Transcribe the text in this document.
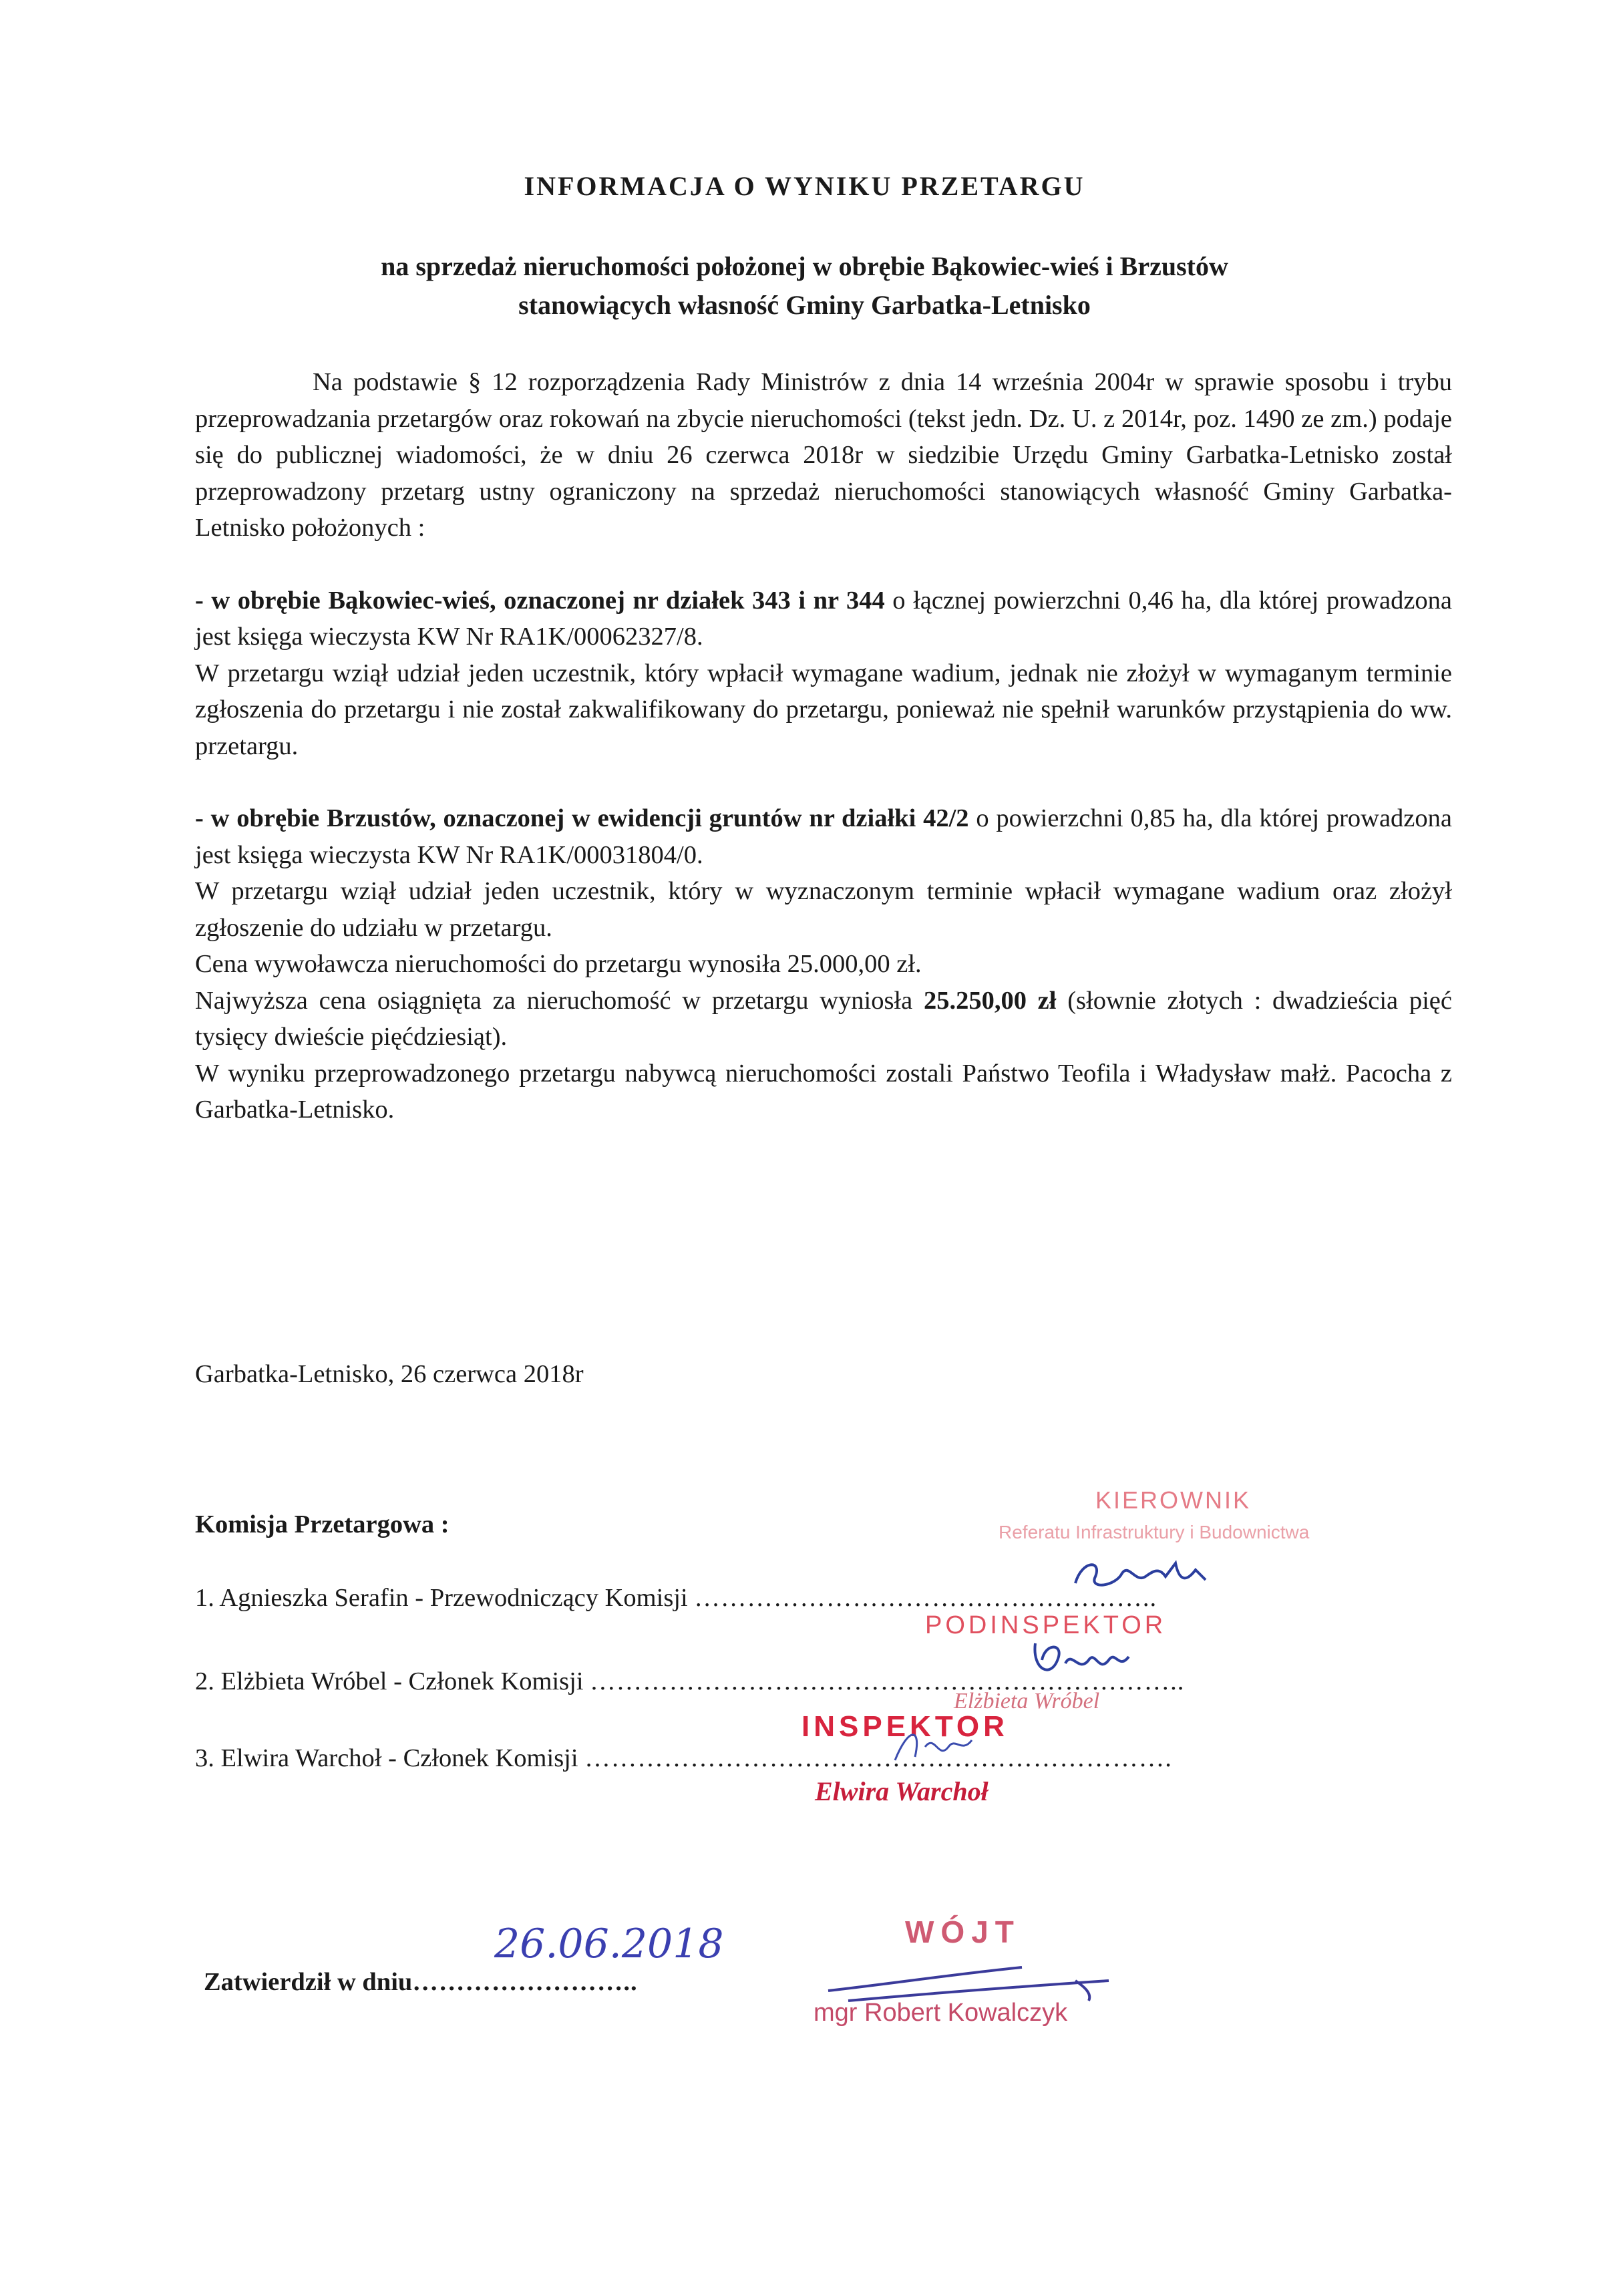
INFORMACJA O WYNIKU PRZETARGU
na sprzedaż nieruchomości położonej w obrębie Bąkowiec-wieś i Brzustów
stanowiących własność Gminy Garbatka-Letnisko

Na podstawie § 12 rozporządzenia Rady Ministrów z dnia 14 września 2004r w sprawie sposobu i trybu przeprowadzania przetargów oraz rokowań na zbycie nieruchomości (tekst jedn. Dz. U. z 2014r, poz. 1490 ze zm.) podaje się do publicznej wiadomości, że w dniu 26 czerwca 2018r w siedzibie Urzędu Gminy Garbatka-Letnisko został przeprowadzony przetarg ustny ograniczony na sprzedaż nieruchomości stanowiących własność Gminy Garbatka-Letnisko położonych :

- w obrębie Bąkowiec-wieś, oznaczonej nr działek 343 i nr 344 o łącznej powierzchni 0,46 ha, dla której prowadzona jest księga wieczysta KW Nr RA1K/00062327/8.

W przetargu wziął udział jeden uczestnik, który wpłacił wymagane wadium, jednak nie złożył w wymaganym terminie zgłoszenia do przetargu i nie został zakwalifikowany do przetargu, ponieważ nie spełnił warunków przystąpienia do ww. przetargu.

- w obrębie Brzustów, oznaczonej w ewidencji gruntów nr działki 42/2 o powierzchni 0,85 ha, dla której prowadzona jest księga wieczysta KW Nr RA1K/00031804/0.

W przetargu wziął udział jeden uczestnik, który w wyznaczonym terminie wpłacił wymagane wadium oraz złożył zgłoszenie do udziału w przetargu.

Cena wywoławcza nieruchomości do przetargu wynosiła 25.000,00 zł.

Najwyższa cena osiągnięta za nieruchomość w przetargu wyniosła 25.250,00 zł (słownie złotych : dwadzieścia pięć tysięcy dwieście pięćdziesiąt).

W wyniku przeprowadzonego przetargu nabywcą nieruchomości zostali Państwo Teofila i Władysław małż. Pacocha z Garbatka-Letnisko.

Garbatka-Letnisko, 26 czerwca 2018r
Komisja Przetargowa :
1. Agnieszka Serafin - Przewodniczący Komisji ……………………………………………..
2. Elżbieta Wróbel - Członek Komisji …………………………………………………………..
3. Elwira Warchoł - Członek Komisji ………………………………………………………….
Zatwierdził w dniu……………………..
KIEROWNIK
Referatu Infrastruktury i Budownictwa
PODINSPEKTOR
Elżbieta Wróbel
INSPEKTOR
Elwira Warchoł
WÓJT
mgr Robert Kowalczyk
26.06.2018
